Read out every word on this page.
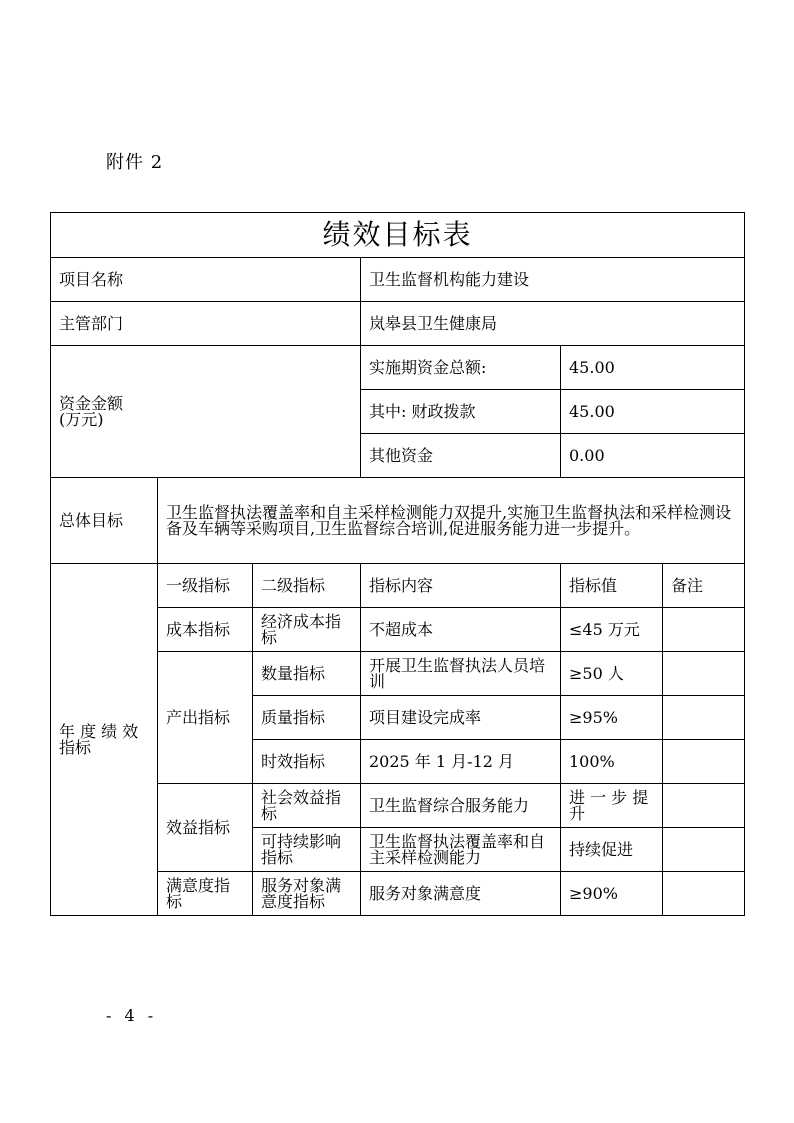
附件 2
绩效目标表					
项目名称			卫生监督机构能力建设		
主管部门			岚皋县卫生健康局		
资金金额
(万元)			实施期资金总额:	45.00	
			其中: 财政拨款	45.00	
			其他资金	0.00	
总体目标	卫生监督执法覆盖率和自主采样检测能力双提升,实施卫生监督执法和采样检测设备及车辆等采购项目,卫生监督综合培训,促进服务能力进一步提升。				
年 度 绩 效
指标	一级指标	二级指标	指标内容	指标值	备注
	成本指标	经济成本指标	不超成本	≤45 万元	
	产出指标	数量指标	开展卫生监督执法人员培训	≥50 人	
		质量指标	项目建设完成率	≥95%	
		时效指标	2025 年 1 月-12 月	100%	
	效益指标	社会效益指标	卫生监督综合服务能力	进 一 步 提升	
		可持续影响指标	卫生监督执法覆盖率和自主采样检测能力	持续促进	
	满意度指标	服务对象满意度指标	服务对象满意度	≥90%	
- 4 -
